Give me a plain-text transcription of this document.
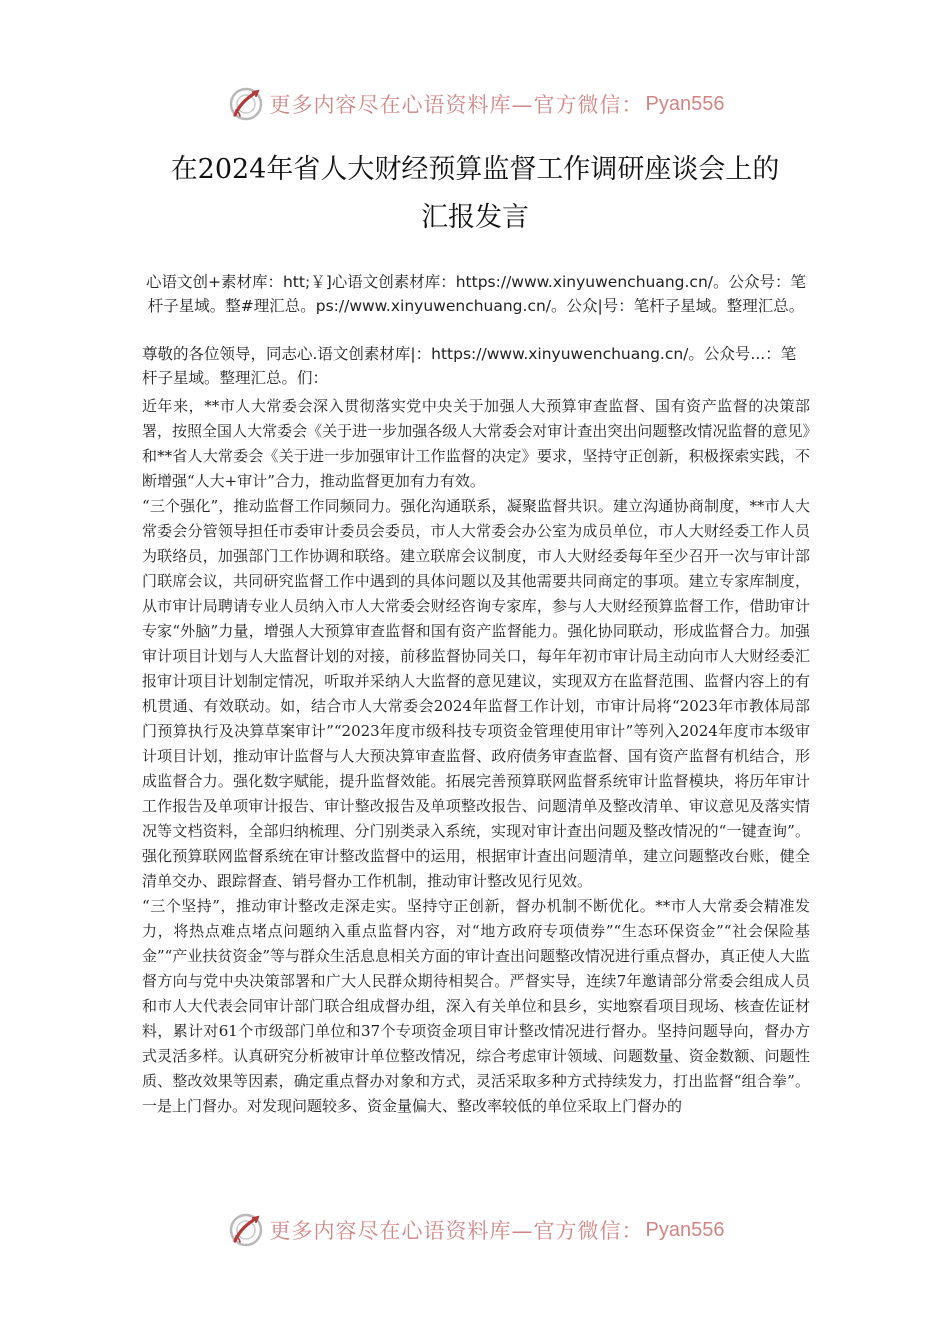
更多内容尽在心语资料库—官方微信： Pyan556
在2024年省人大财经预算监督工作调研座谈会上的
汇报发言
心语文创+素材库：htt;￥]心语文创素材库：https://www.xinyuwenchuang.cn/。公众号：笔杆子星域。整#理汇总。ps://www.xinyuwenchuang.cn/。公众|号：笔杆子星域。整理汇总。
尊敬的各位领导，同志心.语文创素材库|：https://www.xinyuwenchuang.cn/。公众号...：笔杆子星域。整理汇总。们：

近年来，**市人大常委会深入贯彻落实党中央关于加强人大预算审查监督、国有资产监督的决策部署，按照全国人大常委会《关于进一步加强各级人大常委会对审计查出突出问题整改情况监督的意见》和**省人大常委会《关于进一步加强审计工作监督的决定》要求，坚持守正创新，积极探索实践，不断增强“人大+审计”合力，推动监督更加有力有效。

“三个强化”，推动监督工作同频同力。强化沟通联系，凝聚监督共识。建立沟通协商制度，**市人大常委会分管领导担任市委审计委员会委员，市人大常委会办公室为成员单位，市人大财经委工作人员为联络员，加强部门工作协调和联络。建立联席会议制度，市人大财经委每年至少召开一次与审计部门联席会议，共同研究监督工作中遇到的具体问题以及其他需要共同商定的事项。建立专家库制度，从市审计局聘请专业人员纳入市人大常委会财经咨询专家库，参与人大财经预算监督工作，借助审计专家“外脑”力量，增强人大预算审查监督和国有资产监督能力。强化协同联动，形成监督合力。加强审计项目计划与人大监督计划的对接，前移监督协同关口，每年年初市审计局主动向市人大财经委汇报审计项目计划制定情况，听取并采纳人大监督的意见建议，实现双方在监督范围、监督内容上的有机贯通、有效联动。如，结合市人大常委会2024年监督工作计划，市审计局将“2023年市教体局部门预算执行及决算草案审计”“2023年度市级科技专项资金管理使用审计”等列入2024年度市本级审计项目计划，推动审计监督与人大预决算审查监督、政府债务审查监督、国有资产监督有机结合，形成监督合力。强化数字赋能，提升监督效能。拓展完善预算联网监督系统审计监督模块，将历年审计工作报告及单项审计报告、审计整改报告及单项整改报告、问题清单及整改清单、审议意见及落实情况等文档资料，全部归纳梳理、分门别类录入系统，实现对审计查出问题及整改情况的“一键查询”。强化预算联网监督系统在审计整改监督中的运用，根据审计查出问题清单，建立问题整改台账，健全清单交办、跟踪督查、销号督办工作机制，推动审计整改见行见效。

“三个坚持”，推动审计整改走深走实。坚持守正创新，督办机制不断优化。**市人大常委会精准发力，将热点难点堵点问题纳入重点监督内容，对“地方政府专项债券”“生态环保资金”“社会保险基金”“产业扶贫资金”等与群众生活息息相关方面的审计查出问题整改情况进行重点督办，真正使人大监督方向与党中央决策部署和广大人民群众期待相契合。严督实导，连续7年邀请部分常委会组成人员和市人大代表会同审计部门联合组成督办组，深入有关单位和县乡，实地察看项目现场、核查佐证材料，累计对61个市级部门单位和37个专项资金项目审计整改情况进行督办。坚持问题导向，督办方式灵活多样。认真研究分析被审计单位整改情况，综合考虑审计领域、问题数量、资金数额、问题性质、整改效果等因素，确定重点督办对象和方式，灵活采取多种方式持续发力，打出监督“组合拳”。一是上门督办。对发现问题较多、资金量偏大、整改率较低的单位采取上门督办的

更多内容尽在心语资料库—官方微信： Pyan556
